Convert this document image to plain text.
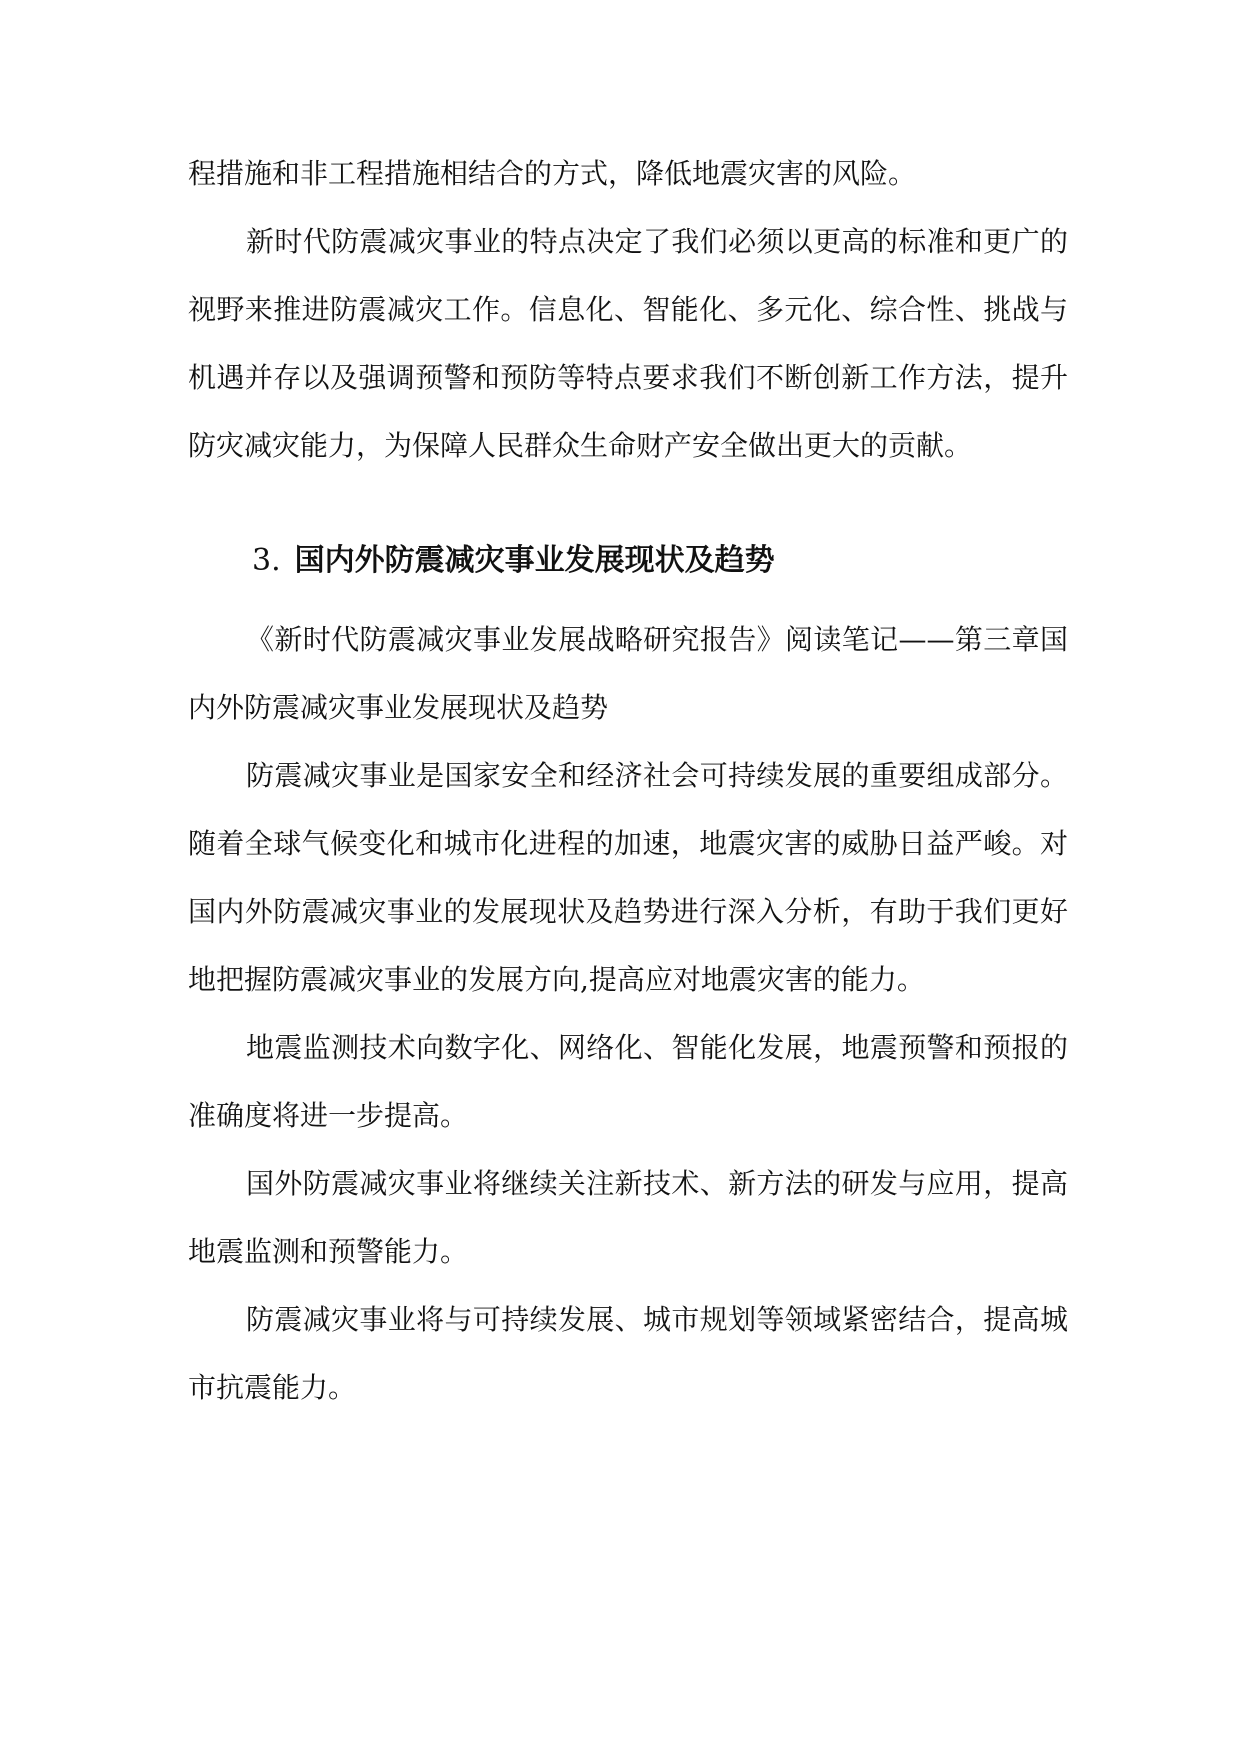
程措施和非工程措施相结合的方式，降低地震灾害的风险。

新时代防震减灾事业的特点决定了我们必须以更高的标准和更广的视野来推进防震减灾工作。信息化、智能化、多元化、综合性、挑战与机遇并存以及强调预警和预防等特点要求我们不断创新工作方法，提升防灾减灾能力，为保障人民群众生命财产安全做出更大的贡献。

3. 国内外防震减灾事业发展现状及趋势

《新时代防震减灾事业发展战略研究报告》阅读笔记——第三章国内外防震减灾事业发展现状及趋势

防震减灾事业是国家安全和经济社会可持续发展的重要组成部分。随着全球气候变化和城市化进程的加速，地震灾害的威胁日益严峻。对国内外防震减灾事业的发展现状及趋势进行深入分析，有助于我们更好地把握防震减灾事业的发展方向,提高应对地震灾害的能力。

地震监测技术向数字化、网络化、智能化发展，地震预警和预报的准确度将进一步提高。

国外防震减灾事业将继续关注新技术、新方法的研发与应用，提高地震监测和预警能力。

防震减灾事业将与可持续发展、城市规划等领域紧密结合，提高城市抗震能力。
